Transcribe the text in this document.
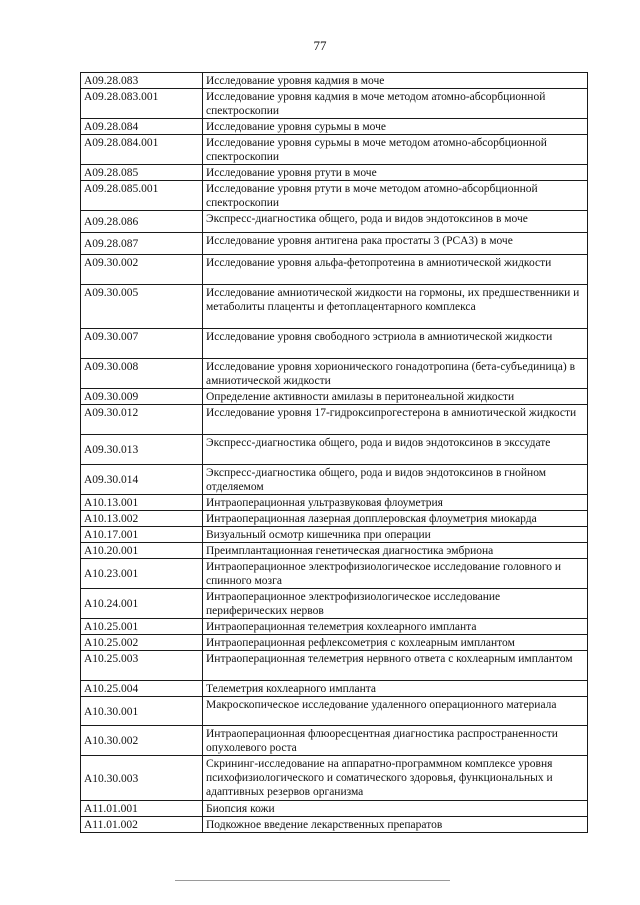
77
A09.28.083	Исследование уровня кадмия в моче
A09.28.083.001	Исследование уровня кадмия в моче методом атомно-абсорбционной спектроскопии
A09.28.084	Исследование уровня сурьмы в моче
A09.28.084.001	Исследование уровня сурьмы в моче методом атомно-абсорбционной спектроскопии
A09.28.085	Исследование уровня ртути в моче
A09.28.085.001	Исследование уровня ртути в моче методом атомно-абсорбционной спектроскопии
A09.28.086	Экспресс-диагностика общего, рода и видов эндотоксинов в моче
A09.28.087	Исследование уровня антигена рака простаты 3 (PCA3) в моче
A09.30.002	Исследование уровня альфа-фетопротеина в амниотической жидкости
A09.30.005	Исследование амниотической жидкости на гормоны, их предшественники и метаболиты плаценты и фетоплацентарного комплекса
A09.30.007	Исследование уровня свободного эстриола в амниотической жидкости
A09.30.008	Исследование уровня хорионического гонадотропина (бета-субъединица) в амниотической жидкости
A09.30.009	Определение активности амилазы в перитонеальной жидкости
A09.30.012	Исследование уровня 17-гидроксипрогестерона в амниотической жидкости
A09.30.013	Экспресс-диагностика общего, рода и видов эндотоксинов в экссудате
A09.30.014	Экспресс-диагностика общего, рода и видов эндотоксинов в гнойном отделяемом
A10.13.001	Интраоперационная ультразвуковая флоуметрия
A10.13.002	Интраоперационная лазерная допплеровская флоуметрия миокарда
A10.17.001	Визуальный осмотр кишечника при операции
A10.20.001	Преимплантационная генетическая диагностика эмбриона
A10.23.001	Интраоперационное электрофизиологическое исследование головного и спинного мозга
A10.24.001	Интраоперационное электрофизиологическое исследование периферических нервов
A10.25.001	Интраоперационная телеметрия кохлеарного импланта
A10.25.002	Интраоперационная рефлексометрия с кохлеарным имплантом
A10.25.003	Интраоперационная телеметрия нервного ответа с кохлеарным имплантом
A10.25.004	Телеметрия кохлеарного импланта
A10.30.001	Макроскопическое исследование удаленного операционного материала
A10.30.002	Интраоперационная флюоресцентная диагностика распространенности опухолевого роста
A10.30.003	Скрининг-исследование на аппаратно-программном комплексе уровня психофизиологического и соматического здоровья, функциональных и адаптивных резервов организма
A11.01.001	Биопсия кожи
A11.01.002	Подкожное введение лекарственных препаратов
